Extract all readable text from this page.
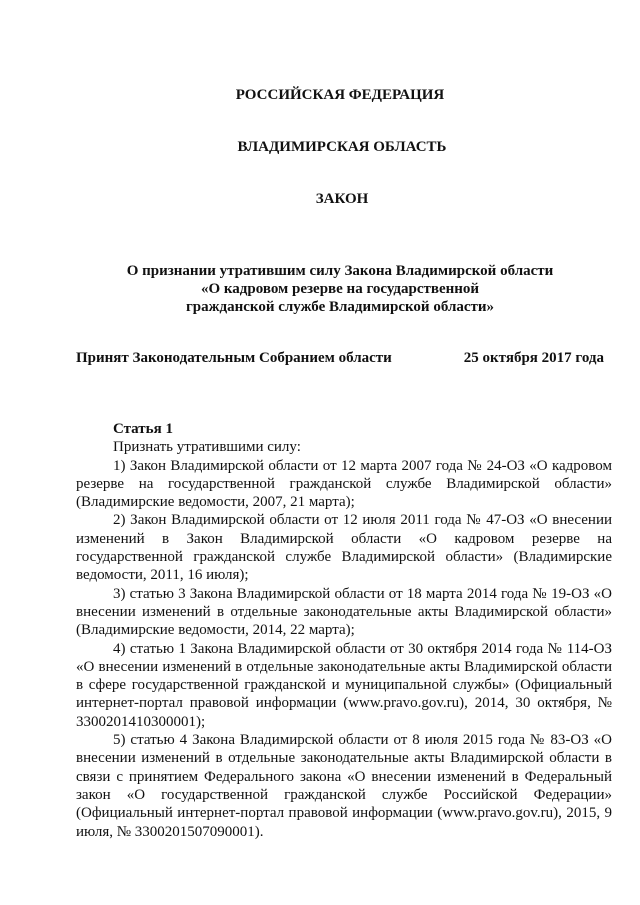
РОССИЙСКАЯ ФЕДЕРАЦИЯ
ВЛАДИМИРСКАЯ ОБЛАСТЬ
ЗАКОН
О признании утратившим силу Закона Владимирской области
«О кадровом резерве на государственной
гражданской службе Владимирской области»
Принят Законодательным Собранием области	25 октября 2017 года

Статья 1

Признать утратившими силу:

1) Закон Владимирской области от 12 марта 2007 года № 24-ОЗ «О кадровом резерве на государственной гражданской службе Владимирской области» (Владимирские ведомости, 2007, 21 марта);

2) Закон Владимирской области от 12 июля 2011 года № 47-ОЗ «О внесении изменений в Закон Владимирской области «О кадровом резерве на государственной гражданской службе Владимирской области» (Владимирские ведомости, 2011, 16 июля);

3) статью 3 Закона Владимирской области от 18 марта 2014 года № 19-ОЗ «О внесении изменений в отдельные законодательные акты Владимирской области» (Владимирские ведомости, 2014, 22 марта);

4) статью 1 Закона Владимирской области от 30 октября 2014 года № 114-ОЗ «О внесении изменений в отдельные законодательные акты Владимирской области в сфере государственной гражданской и муниципальной службы» (Официальный интернет-портал правовой информации (www.pravo.gov.ru), 2014, 30 октября, № 3300201410300001);

5) статью 4 Закона Владимирской области от 8 июля 2015 года № 83-ОЗ «О внесении изменений в отдельные законодательные акты Владимирской области в связи с принятием Федерального закона «О внесении изменений в Федеральный закон «О государственной гражданской службе Российской Федерации» (Официальный интернет-портал правовой информации (www.pravo.gov.ru), 2015, 9 июля, № 3300201507090001).
